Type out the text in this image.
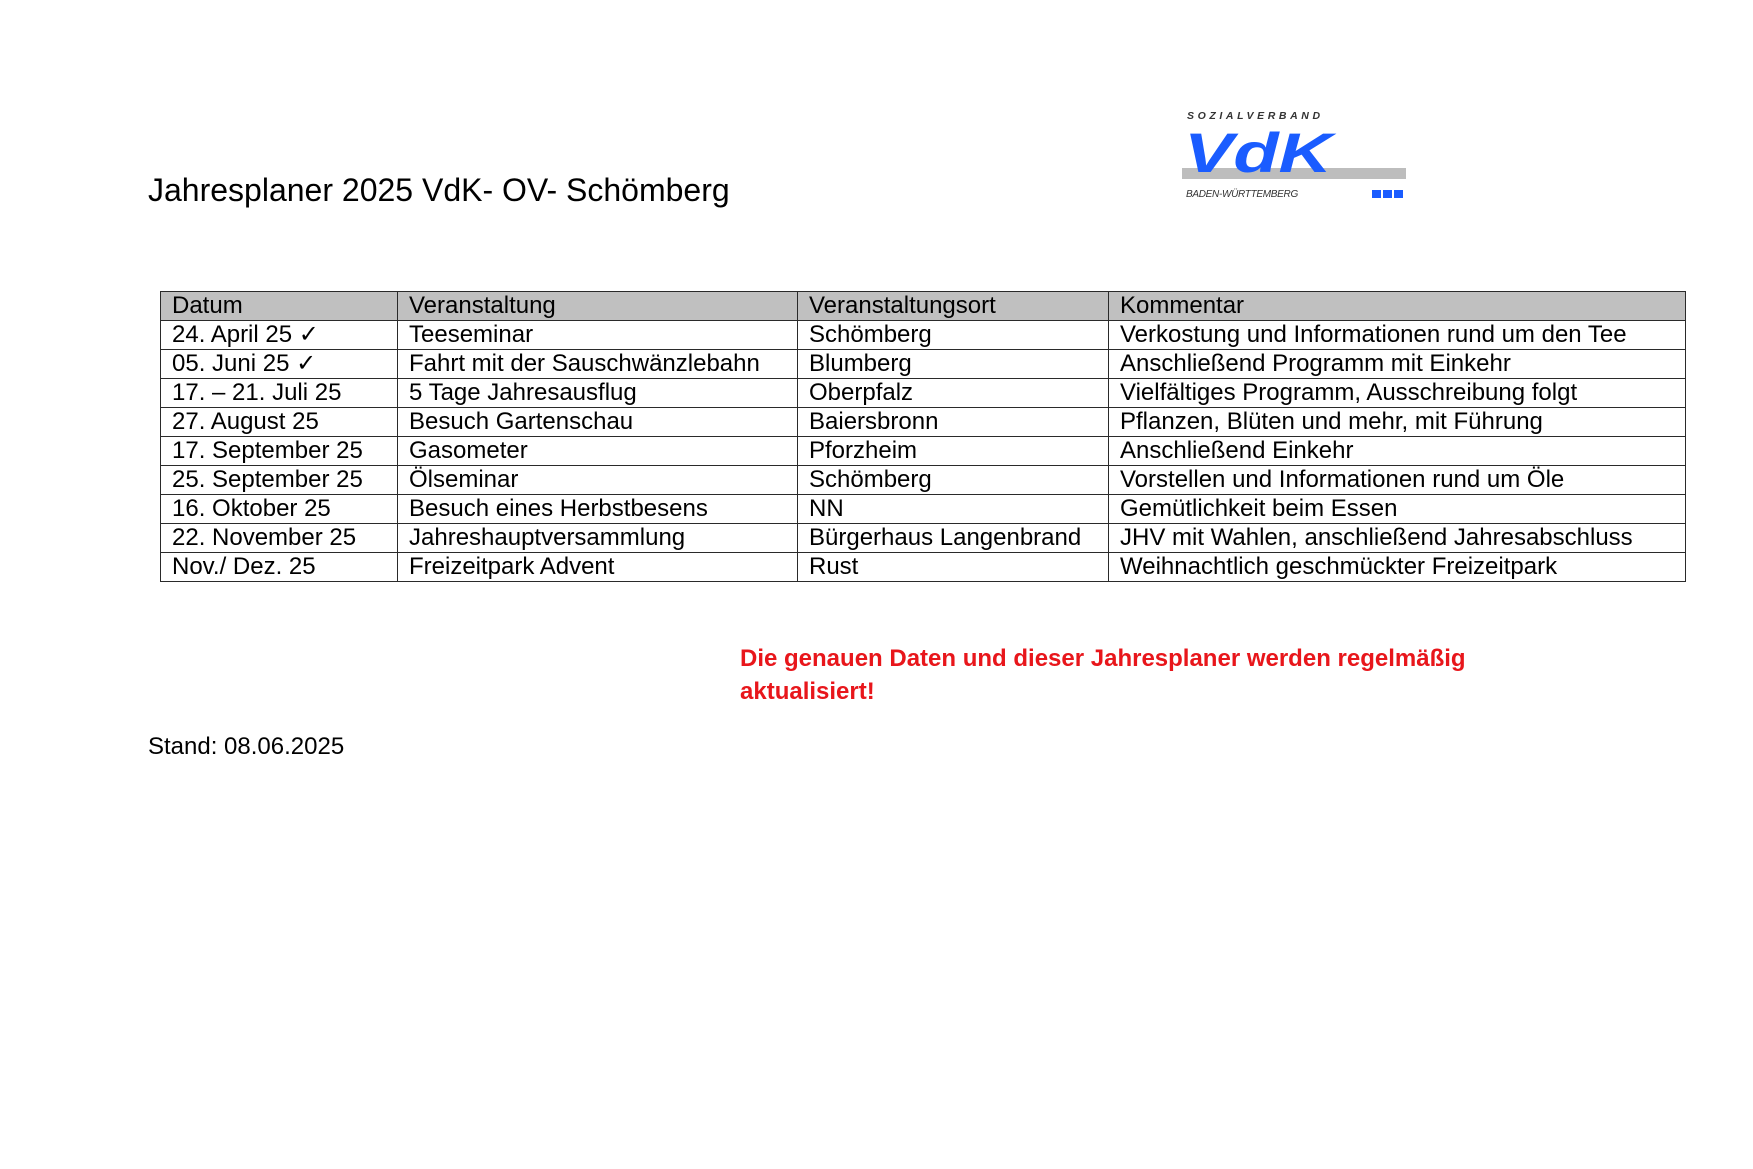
Jahresplaner 2025 VdK- OV- Schömberg
SOZIALVERBAND
VdK
BADEN-WÜRTTEMBERG
Datum	Veranstaltung	Veranstaltungsort	Kommentar
24. April 25 ✓	Teeseminar	Schömberg	Verkostung und Informationen rund um den Tee
05. Juni 25 ✓	Fahrt mit der Sauschwänzlebahn	Blumberg	Anschließend Programm mit Einkehr
17. – 21. Juli 25	5 Tage Jahresausflug	Oberpfalz	Vielfältiges Programm, Ausschreibung folgt
27. August 25	Besuch Gartenschau	Baiersbronn	Pflanzen, Blüten und mehr, mit Führung
17. September 25	Gasometer	Pforzheim	Anschließend Einkehr
25. September 25	Ölseminar	Schömberg	Vorstellen und Informationen rund um Öle
16. Oktober 25	Besuch eines Herbstbesens	NN	Gemütlichkeit beim Essen
22. November 25	Jahreshauptversammlung	Bürgerhaus Langenbrand	JHV mit Wahlen, anschließend Jahresabschluss
Nov./ Dez. 25	Freizeitpark Advent	Rust	Weihnachtlich geschmückter Freizeitpark
Die genauen Daten und dieser Jahresplaner werden regelmäßig
aktualisiert!
Stand: 08.06.2025
